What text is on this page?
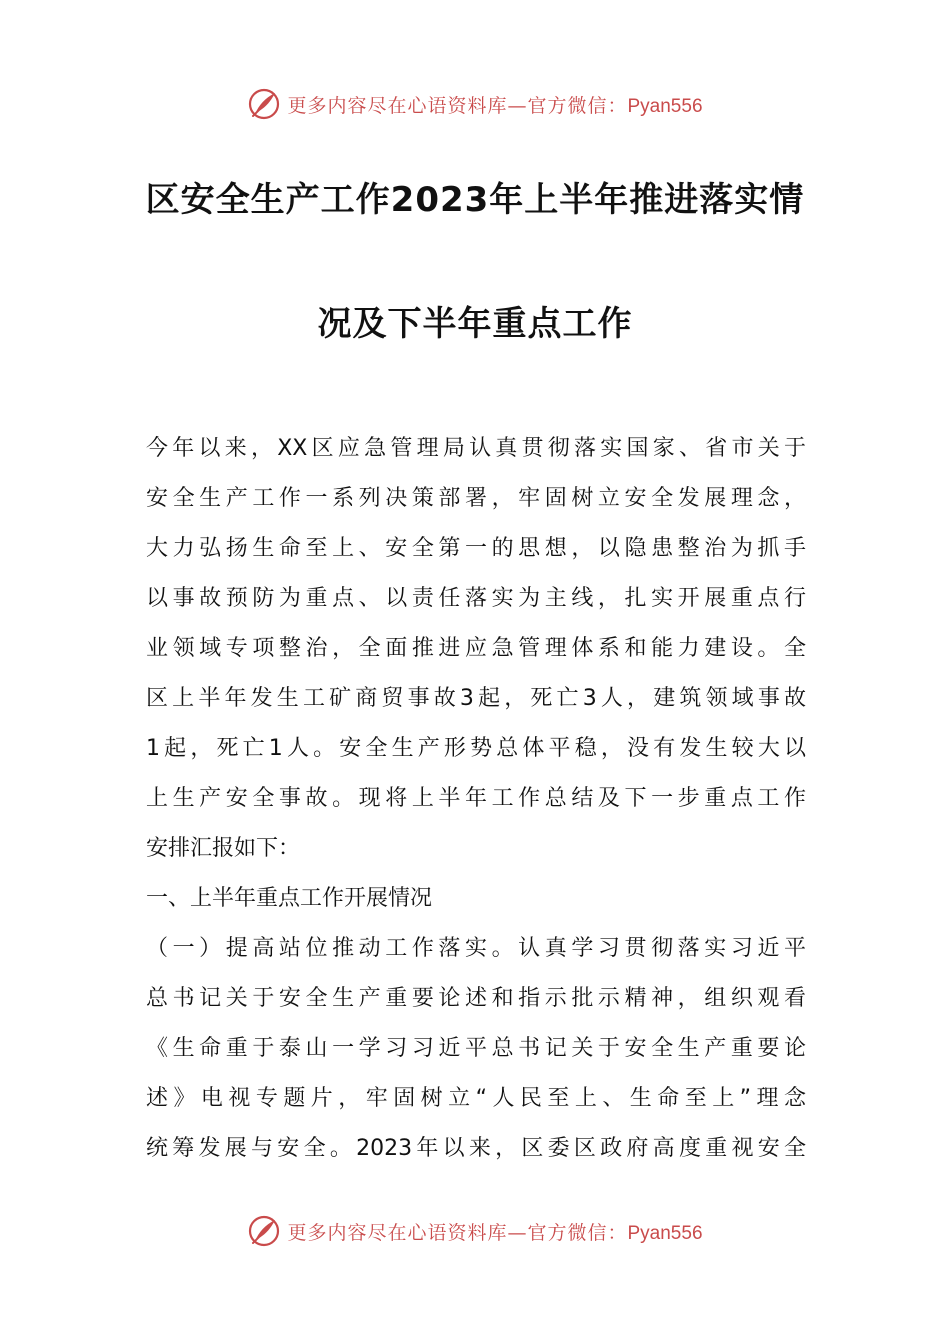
更多内容尽在心语资料库—官方微信：Pyan556
区安全生产工作2023年上半年推进落实情
况及下半年重点工作
今年以来，XX区应急管理局认真贯彻落实国家、省市关于
安全生产工作一系列决策部署，牢固树立安全发展理念，
大力弘扬生命至上、安全第一的思想，以隐患整治为抓手
以事故预防为重点、以责任落实为主线，扎实开展重点行
业领域专项整治，全面推进应急管理体系和能力建设。全
区上半年发生工矿商贸事故3起，死亡3人，建筑领域事故
1起，死亡1人。安全生产形势总体平稳，没有发生较大以
上生产安全事故。现将上半年工作总结及下一步重点工作
安排汇报如下：
一、上半年重点工作开展情况
（一）提高站位推动工作落实。认真学习贯彻落实习近平
总书记关于安全生产重要论述和指示批示精神，组织观看
《生命重于泰山一学习习近平总书记关于安全生产重要论
述》电视专题片，牢固树立“人民至上、生命至上”理念
统筹发展与安全。2023年以来，区委区政府高度重视安全
更多内容尽在心语资料库—官方微信：Pyan556
